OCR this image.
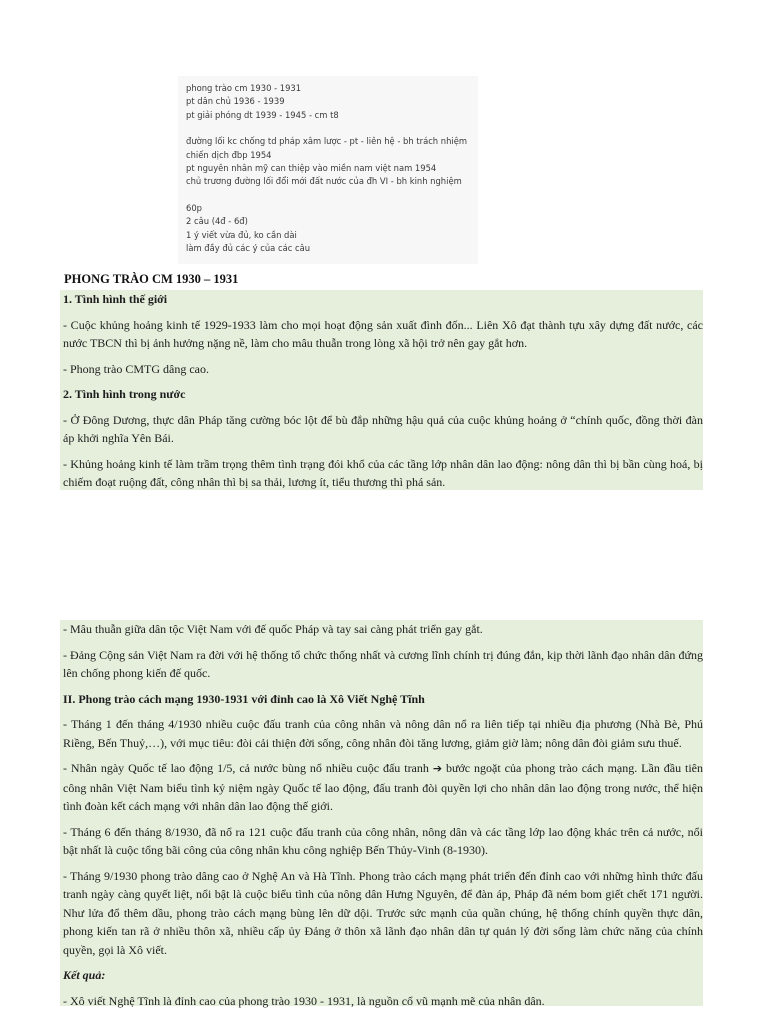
phong trào cm 1930 - 1931
pt dân chủ 1936 - 1939
pt giải phóng dt 1939 - 1945 - cm t8
đường lối kc chống td pháp xâm lược - pt - liên hệ - bh trách nhiệm
chiến dịch đbp 1954
pt nguyên nhân mỹ can thiệp vào miền nam việt nam 1954
chủ trương đường lối đổi mới đất nước của đh VI - bh kinh nghiệm
60p
2 câu (4đ - 6đ)
1 ý viết vừa đủ, ko cần dài
làm đầy đủ các ý của các câu
PHONG TRÀO CM 1930 – 1931

1. Tình hình thế giới

- Cuộc khủng hoảng kinh tế 1929-1933 làm cho mọi hoạt động sản xuất đình đốn... Liên Xô đạt thành tựu xây dựng đất nước, các nước TBCN thì bị ảnh hưởng nặng nề, làm cho mâu thuẫn trong lòng xã hội trở nên gay gắt hơn.

- Phong trào CMTG dâng cao.

2. Tình hình trong nước

- Ở Đông Dương, thực dân Pháp tăng cường bóc lột để bù đắp những hậu quả của cuộc khủng hoảng ở “chính quốc, đồng thời đàn áp khởi nghĩa Yên Bái.

- Khủng hoảng kinh tế làm trầm trọng thêm tình trạng đói khổ của các tầng lớp nhân dân lao động: nông dân thì bị bần cùng hoá, bị chiếm đoạt ruộng đất, công nhân thì bị sa thải, lương ít, tiểu thương thì phá sản.

- Mâu thuẫn giữa dân tộc Việt Nam với đế quốc Pháp và tay sai càng phát triển gay gắt.

- Đảng Cộng sản Việt Nam ra đời với hệ thống tổ chức thống nhất và cương lĩnh chính trị đúng đắn, kịp thời lãnh đạo nhân dân đứng lên chống phong kiến đế quốc.

II. Phong trào cách mạng 1930-1931 với đỉnh cao là Xô Viết Nghệ Tĩnh

- Tháng 1 đến tháng 4/1930 nhiều cuộc đấu tranh của công nhân và nông dân nổ ra liên tiếp tại nhiều địa phương (Nhà Bè, Phú Riềng, Bến Thuỷ,…), với mục tiêu: đòi cải thiện đời sống, công nhân đòi tăng lương, giảm giờ làm; nông dân đòi giảm sưu thuế.

- Nhân ngày Quốc tế lao động 1/5, cả nước bùng nổ nhiều cuộc đấu tranh ➔ bước ngoặt của phong trào cách mạng. Lần đầu tiên công nhân Việt Nam biểu tình kỷ niệm ngày Quốc tế lao động, đấu tranh đòi quyền lợi cho nhân dân lao động trong nước, thể hiện tình đoàn kết cách mạng với nhân dân lao động thế giới.

- Tháng 6 đến tháng 8/1930, đã nổ ra 121 cuộc đấu tranh của công nhân, nông dân và các tầng lớp lao động khác trên cả nước, nổi bật nhất là cuộc tổng bãi công của công nhân khu công nghiệp Bến Thủy-Vinh (8-1930).

- Tháng 9/1930 phong trào dâng cao ở Nghệ An và Hà Tĩnh. Phong trào cách mạng phát triển đến đỉnh cao với những hình thức đấu tranh ngày càng quyết liệt, nổi bật là cuộc biểu tình của nông dân Hưng Nguyên, để đàn áp, Pháp đã ném bom giết chết 171 người. Như lửa đổ thêm dầu, phong trào cách mạng bùng lên dữ dội. Trước sức mạnh của quần chúng, hệ thống chính quyền thực dân, phong kiến tan rã ở nhiều thôn xã, nhiều cấp ủy Đảng ở thôn xã lãnh đạo nhân dân tự quản lý đời sống làm chức năng của chính quyền, gọi là Xô viết.

Kết quả:

- Xô viết Nghệ Tĩnh là đỉnh cao của phong trào 1930 - 1931, là nguồn cổ vũ mạnh mẽ của nhân dân.
